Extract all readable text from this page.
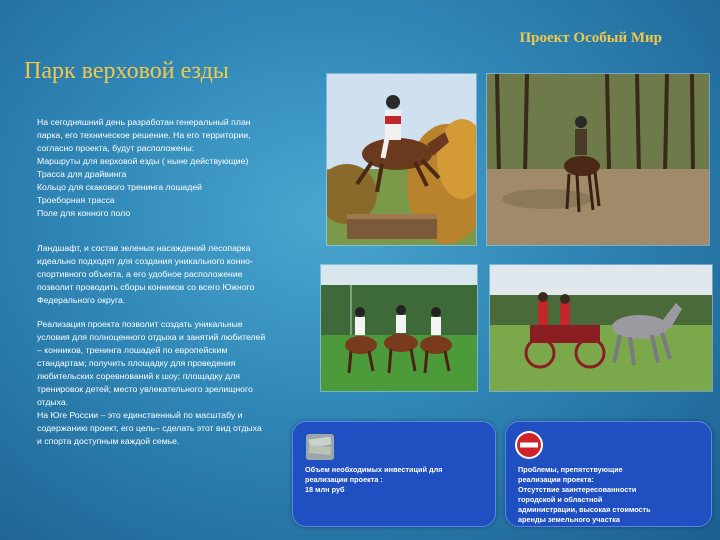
Проект Особый Мир
Парк верховой езды

На сегодняшний день разработан генеральный план

парка, его техническое решение. На его территории,

согласно проекта, будут расположены:

Маршруты для верховой езды ( ныне действующие)

Трасса для драйвинга

Кольцо для скакового тренинга лошадей

Троеборная трасса

Поле для конного поло

Ландшафт, и состав зеленых насаждений лесопарка

идеально подходят для создания уникального конно-

спортивного объекта, а его удобное расположение

позволит проводить сборы конников со всего Южного

Федерального округа.

Реализация проекта позволит создать уникальные

условия для полноценного отдыха и занятий любителей

– конников, тренинга лошадей по европейским

стандартам; получить площадку для проведения

любительских соревнований к шоу; площадку для

тренировок детей; место увлекательного зрелищного

отдыха.

На Юге России – это единственный по масштабу и

содержанию проект, его цель– сделать этот вид отдыха

и спорта доступным каждой семье.

Объем необходимых инвестиций для
реализации проекта :
18 млн руб
Проблемы, препятствующие
реализации проекта:
Отсутствие заинтересованности
городской и областной
администрации, высокая стоимость
аренды земельного участка
